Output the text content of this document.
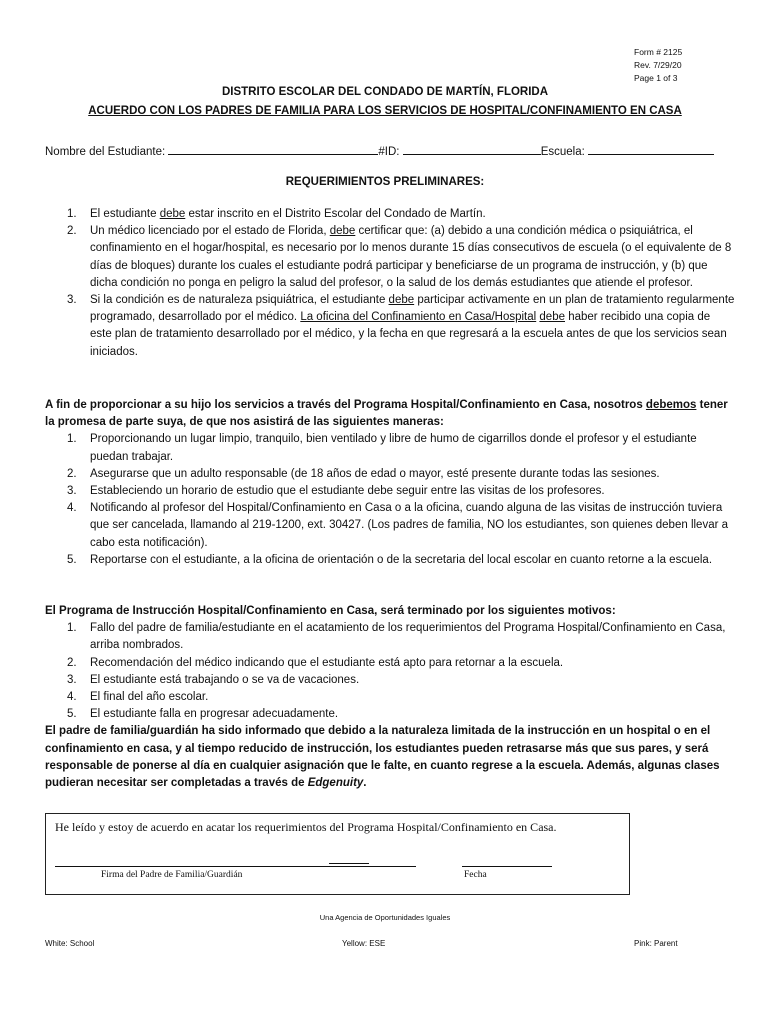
Form # 2125
Rev. 7/29/20
Page 1 of 3
DISTRITO ESCOLAR DEL CONDADO DE MARTÍN, FLORIDA
ACUERDO CON LOS PADRES DE FAMILIA PARA LOS SERVICIOS DE HOSPITAL/CONFINAMIENTO EN CASA
Nombre del Estudiante:	#ID:	Escuela:
REQUERIMIENTOS PRELIMINARES:
1. El estudiante debe estar inscrito en el Distrito Escolar del Condado de Martín.
2. Un médico licenciado por el estado de Florida, debe certificar que: (a) debido a una condición médica o psiquiátrica, el confinamiento en el hogar/hospital, es necesario por lo menos durante 15 días consecutivos de escuela (o el equivalente de 8 días de bloques) durante los cuales el estudiante podrá participar y beneficiarse de un programa de instrucción, y (b) que dicha condición no ponga en peligro la salud del profesor, o la salud de los demás estudiantes que atiende el profesor.
3. Si la condición es de naturaleza psiquiátrica, el estudiante debe participar activamente en un plan de tratamiento regularmente programado, desarrollado por el médico. La oficina del Confinamiento en Casa/Hospital debe haber recibido una copia de este plan de tratamiento desarrollado por el médico, y la fecha en que regresará a la escuela antes de que los servicios sean iniciados.
A fin de proporcionar a su hijo los servicios a través del Programa Hospital/Confinamiento en Casa, nosotros debemos tener la promesa de parte suya, de que nos asistirá de las siguientes maneras:
1. Proporcionando un lugar limpio, tranquilo, bien ventilado y libre de humo de cigarrillos donde el profesor y el estudiante puedan trabajar.
2. Asegurarse que un adulto responsable (de 18 años de edad o mayor, esté presente durante todas las sesiones.
3. Estableciendo un horario de estudio que el estudiante debe seguir entre las visitas de los profesores.
4. Notificando al profesor del Hospital/Confinamiento en Casa o a la oficina, cuando alguna de las visitas de instrucción tuviera que ser cancelada, llamando al 219-1200, ext. 30427. (Los padres de familia, NO los estudiantes, son quienes deben llevar a cabo esta notificación).
5. Reportarse con el estudiante, a la oficina de orientación o de la secretaria del local escolar en cuanto retorne a la escuela.
El Programa de Instrucción Hospital/Confinamiento en Casa, será terminado por los siguientes motivos:
1. Fallo del padre de familia/estudiante en el acatamiento de los requerimientos del Programa Hospital/Confinamiento en Casa, arriba nombrados.
2. Recomendación del médico indicando que el estudiante está apto para retornar a la escuela.
3. El estudiante está trabajando o se va de vacaciones.
4. El final del año escolar.
5. El estudiante falla en progresar adecuadamente.
El padre de familia/guardián ha sido informado que debido a la naturaleza limitada de la instrucción en un hospital o en el confinamiento en casa, y al tiempo reducido de instrucción, los estudiantes pueden retrasarse más que sus pares, y será responsable de ponerse al día en cualquier asignación que le falte, en cuanto regrese a la escuela. Además, algunas clases pudieran necesitar ser completadas a través de Edgenuity.
He leído y estoy de acuerdo en acatar los requerimientos del Programa Hospital/Confinamiento en Casa.
Firma del Padre de Familia/Guardián	Fecha
Una Agencia de Oportunidades Iguales
White: School	Yellow: ESE	Pink: Parent
